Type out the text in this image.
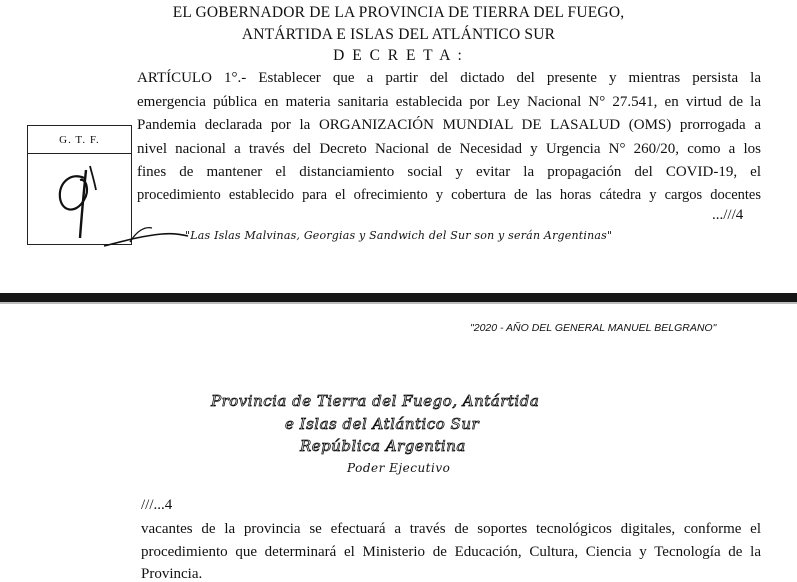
EL GOBERNADOR DE LA PROVINCIA DE TIERRA DEL FUEGO,
ANTÁRTIDA E ISLAS DEL ATLÁNTICO SUR
D E C R E T A :
ARTÍCULO 1°.- Establecer que a partir del dictado del presente y mientras persista la
emergencia pública en materia sanitaria establecida por Ley Nacional N° 27.541, en virtud de la
Pandemia declarada por la ORGANIZACIÓN MUNDIAL DE LASALUD (OMS) prorrogada a
nivel nacional a través del Decreto Nacional de Necesidad y Urgencia N° 260/20, como a los
fines de mantener el distanciamiento social y evitar la propagación del COVID-19, el
procedimiento establecido para el ofrecimiento y cobertura de las horas cátedra y cargos docentes
...///4
G. T. F.
"Las Islas Malvinas, Georgias y Sandwich del Sur son y serán Argentinas"
"2020 - AÑO DEL GENERAL MANUEL BELGRANO"
Provincia de Tierra del Fuego, Antártida
e Islas del Atlántico Sur
República Argentina
Poder Ejecutivo
///...4
vacantes de la provincia se efectuará a través de soportes tecnológicos digitales, conforme el
procedimiento que determinará el Ministerio de Educación, Cultura, Ciencia y Tecnología de la
Provincia.
